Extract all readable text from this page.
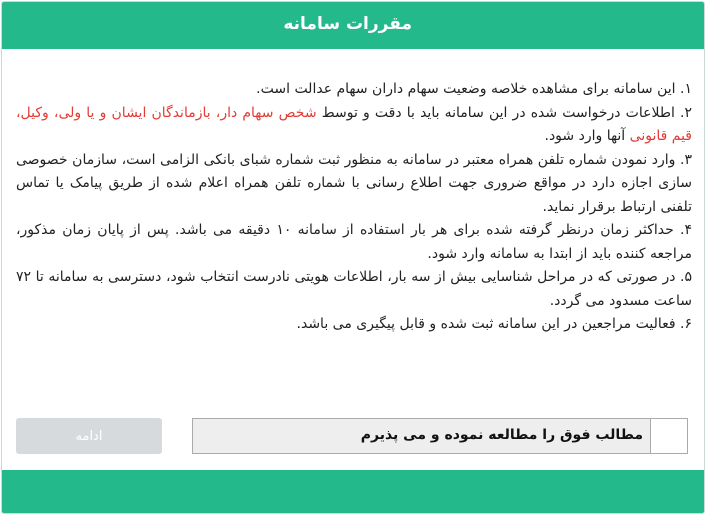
مقررات سامانه

۱. این سامانه برای مشاهده خلاصه وضعیت سهام داران سهام عدالت است.

۲. اطلاعات درخواست شده در این سامانه باید با دقت و توسط شخص سهام دار، بازماندگان ایشان و یا ولی، وکیل، قیم قانونی آنها وارد شود.

۳. وارد نمودن شماره تلفن همراه معتبر در سامانه به منظور ثبت شماره شبای بانکی الزامی است، سازمان خصوصی سازی اجازه دارد در مواقع ضروری جهت اطلاع رسانی با شماره تلفن همراه اعلام شده از طریق پیامک یا تماس تلفنی ارتباط برقرار نماید.

۴. حداکثر زمان درنظر گرفته شده برای هر بار استفاده از سامانه ۱۰ دقیقه می باشد. پس از پایان زمان مذکور، مراجعه کننده باید از ابتدا به سامانه وارد شود.

۵. در صورتی که در مراحل شناسایی بیش از سه بار، اطلاعات هویتی نادرست انتخاب شود، دسترسی به سامانه تا ۷۲ ساعت مسدود می گردد.

۶. فعالیت مراجعین در این سامانه ثبت شده و قابل پیگیری می باشد.

مطالب فوق را مطالعه نموده و می پذیرم
ادامه
